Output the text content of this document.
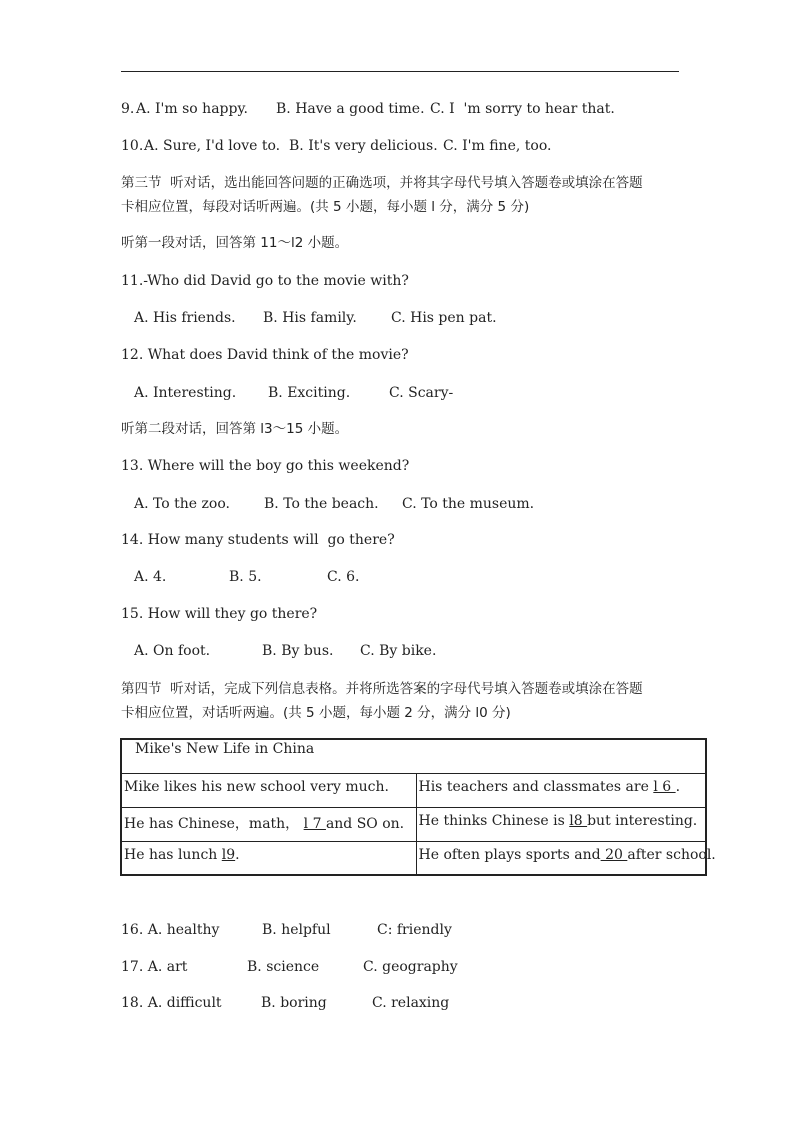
9. A. I'm so happy. B. Have a good time. C. I  'm sorry to hear that.
10. A. Sure, I'd love to. B. It's very delicious. C. I'm fine, too.
第三节  听对话，选出能回答问题的正确选项，并将其字母代号填入答题卷或填涂在答题
卡相应位置，每段对话听两遍。(共 5 小题，每小题 l 分，满分 5 分)
听第一段对话，回答第 11～l2 小题。
11.-Who did David go to the movie with?
A. His friends. B. His family. C. His pen pat.
12. What does David think of the movie?
A. Interesting. B. Exciting.	C. Scary-
听第二段对话，回答第 l3～15 小题。
13. Where will the boy go this weekend?
A. To the zoo. B. To the beach. C. To the museum.
14. How many students will  go there?
A. 4.	B. 5.	C. 6.
15. How will they go there?
A. On foot.	B. By bus. C. By bike.
第四节  听对话，完成下列信息表格。并将所选答案的字母代号填入答题卷或填涂在答题
卡相应位置，对话听两遍。(共 5 小题，每小题 2 分，满分 l0 分)
Mike's New Life in China	
Mike likes his new school very much.	His teachers and classmates are l 6 .
He has Chinese，math， l 7 and SO on.	He thinks Chinese is l8 but interesting.
He has lunch l9.	He often plays sports and 20 after school.
16. A. healthy	B. helpful	C: friendly
17. A. art	B. science	C. geography
18. A. difficult	B. boring	C. relaxing
